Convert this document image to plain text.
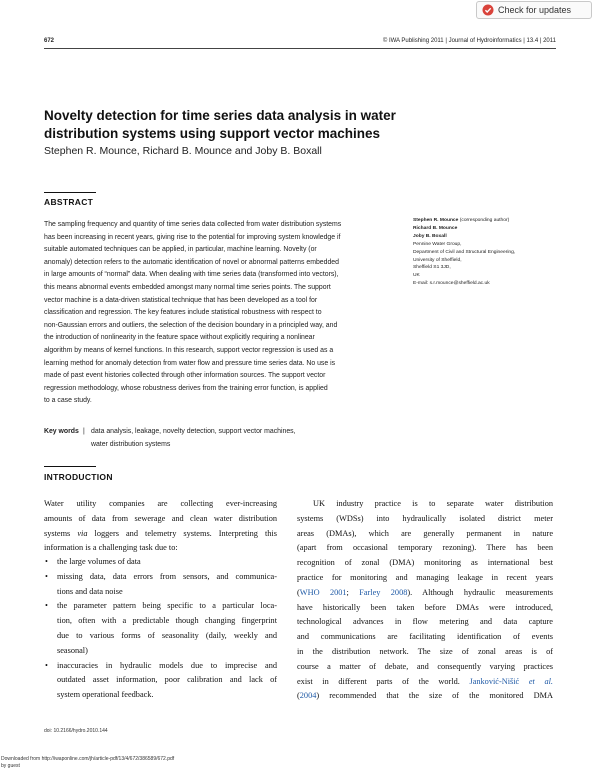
Check for updates
672	© IWA Publishing 2011 | Journal of Hydroinformatics | 13.4 | 2011
Novelty detection for time series data analysis in water
distribution systems using support vector machines
Stephen R. Mounce, Richard B. Mounce and Joby B. Boxall
ABSTRACT
The sampling frequency and quantity of time series data collected from water distribution systems
has been increasing in recent years, giving rise to the potential for improving system knowledge if
suitable automated techniques can be applied, in particular, machine learning. Novelty (or
anomaly) detection refers to the automatic identification of novel or abnormal patterns embedded
in large amounts of “normal” data. When dealing with time series data (transformed into vectors),
this means abnormal events embedded amongst many normal time series points. The support
vector machine is a data-driven statistical technique that has been developed as a tool for
classification and regression. The key features include statistical robustness with respect to
non-Gaussian errors and outliers, the selection of the decision boundary in a principled way, and
the introduction of nonlinearity in the feature space without explicitly requiring a nonlinear
algorithm by means of kernel functions. In this research, support vector regression is used as a
learning method for anomaly detection from water flow and pressure time series data. No use is
made of past event histories collected through other information sources. The support vector
regression methodology, whose robustness derives from the training error function, is applied
to a case study.
Key words | data analysis, leakage, novelty detection, support vector machines,
water distribution systems
Stephen R. Mounce (corresponding author)
Richard B. Mounce
Joby B. Boxall
Pennine Water Group,
Department of Civil and Structural Engineering,
University of Sheffield,
Sheffield S1 3JD,
UK
E-mail: s.r.mounce@sheffield.ac.uk
INTRODUCTION
Water utility companies are collecting ever-increasing
amounts of data from sewerage and clean water distribution
systems via loggers and telemetry systems. Interpreting this
information is a challenging task due to:
• the large volumes of data
• missing data, data errors from sensors, and communica-
tions and data noise
• the parameter pattern being specific to a particular loca-
tion, often with a predictable though changing fingerprint
due to various forms of seasonality (daily, weekly and
seasonal)
• inaccuracies in hydraulic models due to imprecise and
outdated asset information, poor calibration and lack of
system operational feedback.
UK industry practice is to separate water distribution
systems (WDSs) into hydraulically isolated district meter
areas (DMAs), which are generally permanent in nature
(apart from occasional temporary rezoning). There has been
recognition of zonal (DMA) monitoring as international best
practice for monitoring and managing leakage in recent years
(WHO 2001; Farley 2008). Although hydraulic measurements
have historically been taken before DMAs were introduced,
technological advances in flow metering and data capture
and communications are facilitating identification of events
in the distribution network. The size of zonal areas is of
course a matter of debate, and consequently varying practices
exist in different parts of the world. Janković-Nišić et al.
(2004) recommended that the size of the monitored DMA
doi: 10.2166/hydro.2010.144
Downloaded from http://iwaponline.com/jh/article-pdf/13/4/672/386589/672.pdf
by guest
